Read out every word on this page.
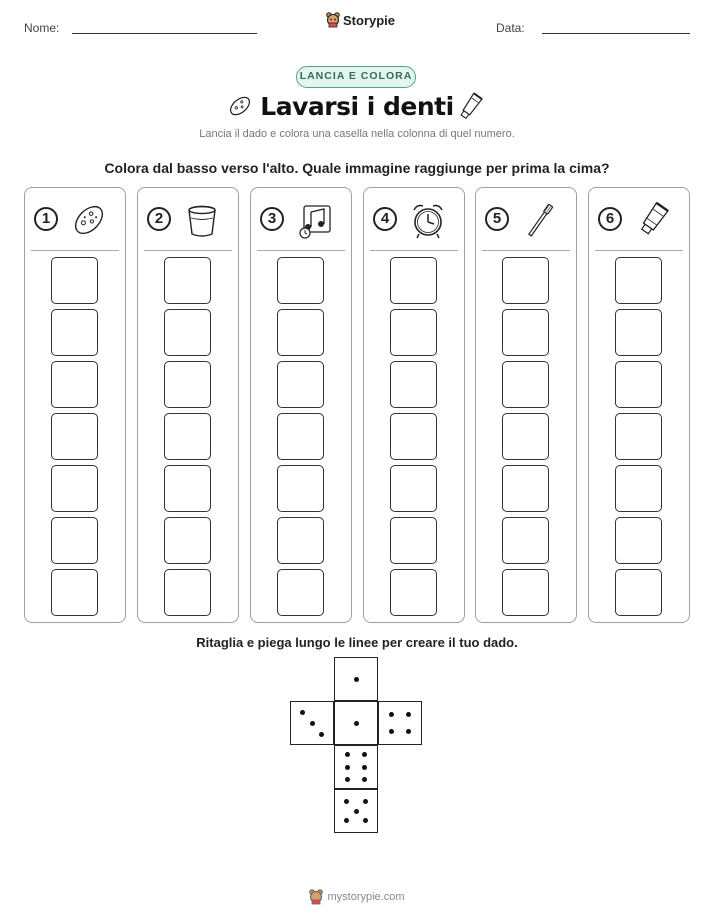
Nome:
Storypie
Data:
LANCIA E COLORA
Lavarsi i denti
Lancia il dado e colora una casella nella colonna di quel numero.
Colora dal basso verso l'alto. Quale immagine raggiunge per prima la cima?
1	2	3	4	5	6
Ritaglia e piega lungo le linee per creare il tuo dado.
mystorypie.com
